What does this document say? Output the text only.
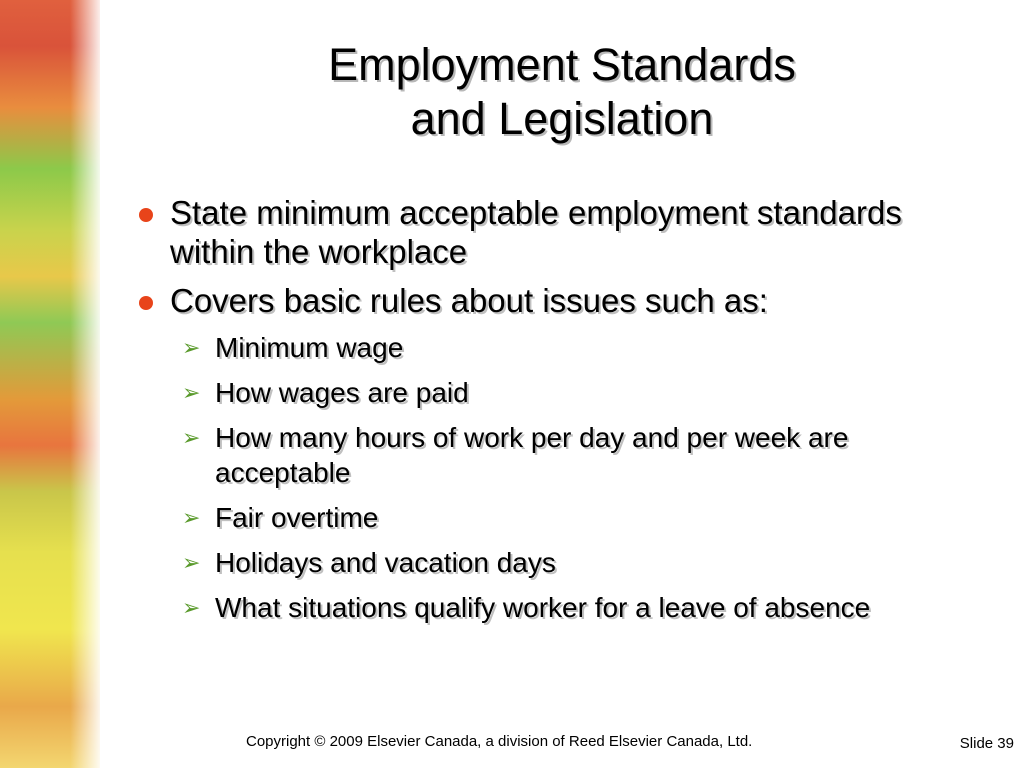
Employment Standards
and Legislation
State minimum acceptable employment standards within the workplace
Covers basic rules about issues such as:
➢ Minimum wage
➢ How wages are paid
➢ How many hours of work per day and per week are acceptable
➢ Fair overtime
➢ Holidays and vacation days
➢ What situations qualify worker for a leave of absence
Copyright © 2009 Elsevier Canada, a division of Reed Elsevier Canada, Ltd.	Slide 39
